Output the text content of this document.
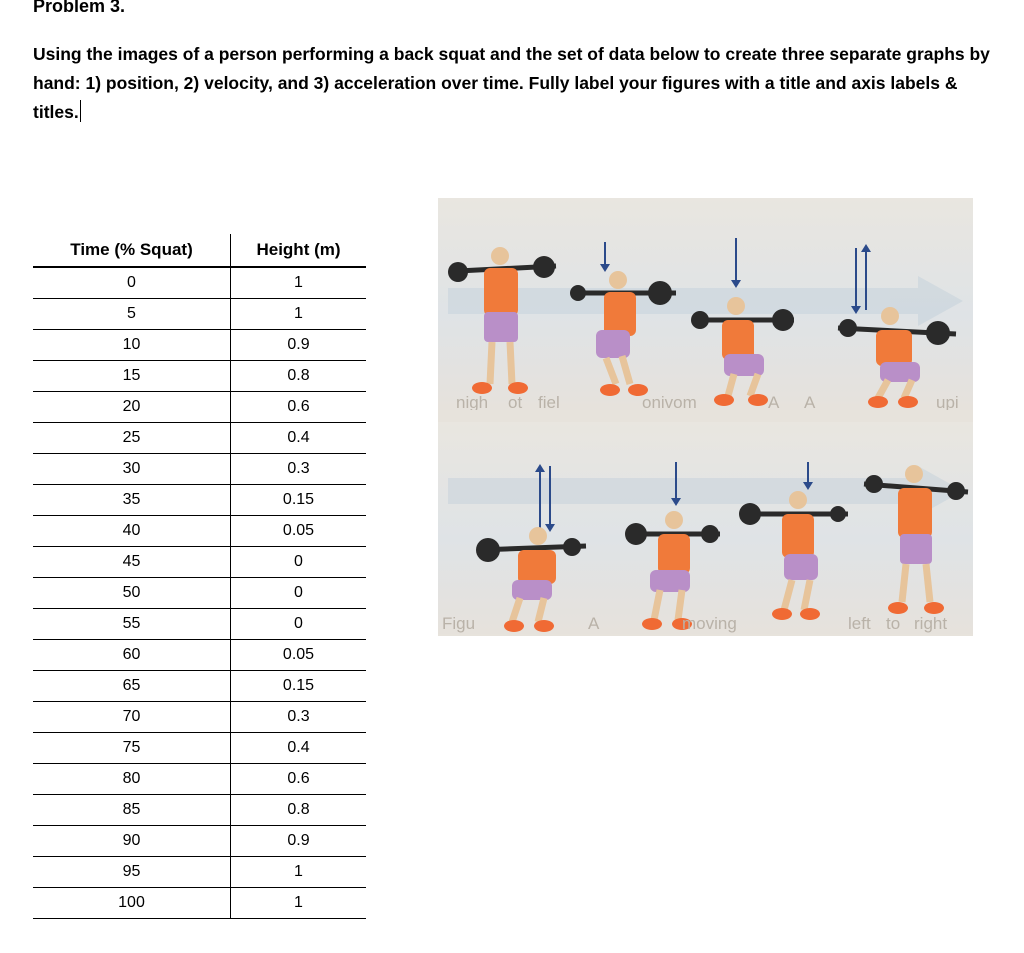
Problem 3.

Using the images of a person performing a back squat and the set of data below to create three separate graphs by hand: 1) position, 2) velocity, and 3) acceleration over time. Fully label your figures with a title and axis labels & titles.

Time (% Squat)	Height (m)
0	1
5	1
10	0.9
15	0.8
20	0.6
25	0.4
30	0.3
35	0.15
40	0.05
45	0
50	0
55	0
60	0.05
65	0.15
70	0.3
75	0.4
80	0.6
85	0.8
90	0.9
95	1
100	1
nigh ot fiel	onivom	A A	upi
Figu	A	moving	left to right
